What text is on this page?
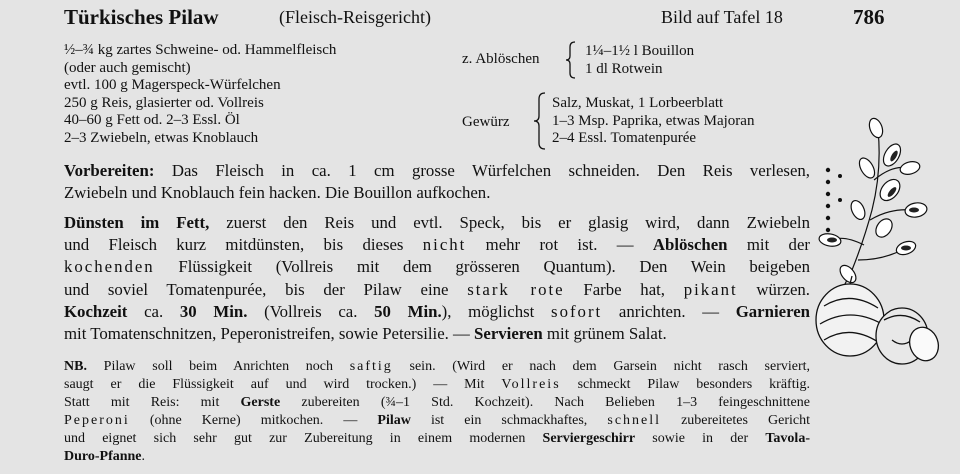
Türkisches Pilaw	(Fleisch-Reisgericht)	Bild auf Tafel 18	786
½–¾ kg zartes Schweine- od. Hammelfleisch
(oder auch gemischt)
evtl. 100 g Magerspeck-Würfelchen
250 g Reis, glasierter od. Vollreis
40–60 g Fett od. 2–3 Essl. Öl
2–3 Zwiebeln, etwas Knoblauch
z. Ablöschen	1¼–1½ l Bouillon
1 dl Rotwein
Gewürz
Salz, Muskat, 1 Lorbeerblatt
1–3 Msp. Paprika, etwas Majoran
2–4 Essl. Tomatenpurée
Vorbereiten: Das Fleisch in ca. 1 cm grosse Würfelchen schneiden. Den Reis verlesen,
Zwiebeln und Knoblauch fein hacken. Die Bouillon aufkochen.
Dünsten im Fett, zuerst den Reis und evtl. Speck, bis er glasig wird, dann Zwiebeln
und Fleisch kurz mitdünsten, bis dieses nicht mehr rot ist. — Ablöschen mit der
kochenden Flüssigkeit (Vollreis mit dem grösseren Quantum). Den Wein beigeben
und soviel Tomatenpurée, bis der Pilaw eine stark rote Farbe hat, pikant würzen.
Kochzeit ca. 30 Min. (Vollreis ca. 50 Min.), möglichst sofort anrichten. — Garnieren
mit Tomatenschnitzen, Peperonistreifen, sowie Petersilie. — Servieren mit grünem Salat.
NB. Pilaw soll beim Anrichten noch saftig sein. (Wird er nach dem Garsein nicht rasch serviert,
saugt er die Flüssigkeit auf und wird trocken.) — Mit Vollreis schmeckt Pilaw besonders kräftig.
Statt mit Reis: mit Gerste zubereiten (¾–1 Std. Kochzeit). Nach Belieben 1–3 feingeschnittene
Peperoni (ohne Kerne) mitkochen. — Pilaw ist ein schmackhaftes, schnell zubereitetes Gericht
und eignet sich sehr gut zur Zubereitung in einem modernen Serviergeschirr sowie in der Tavola-
Duro-Pfanne.
